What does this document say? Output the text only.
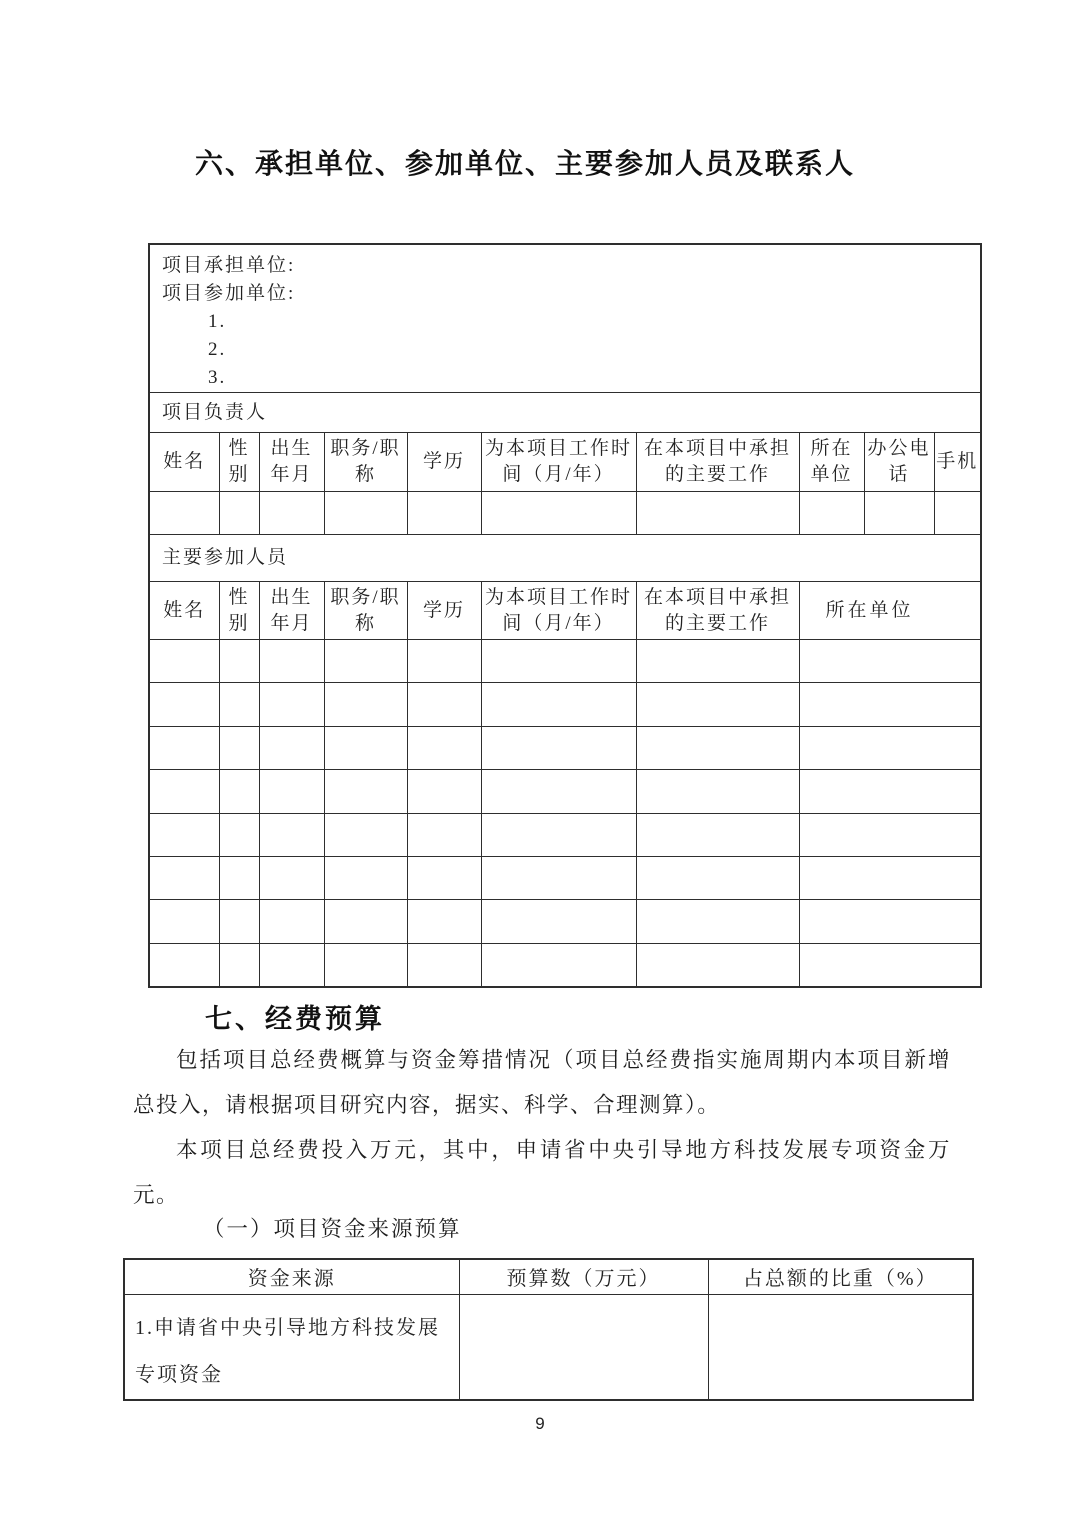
六、承担单位、参加单位、主要参加人员及联系人
项目承担单位:
项目参加单位:
1.
2.
3.									

项目负责人									
姓名	性别	出生年月	职务/职称	学历	为本项目工作时间（月/年）	在本项目中承担的主要工作	所在单位	办公电话	手机

主要参加人员									
姓名	性别	出生年月	职务/职称	学历	为本项目工作时间（月/年）	在本项目中承担的主要工作	所在单位		

七、经费预算

包括项目总经费概算与资金筹措情况（项目总经费指实施周期内本项目新增总投入，请根据项目研究内容，据实、科学、合理测算）。

本项目总经费投入万元，其中，申请省中央引导地方科技发展专项资金万元。

（一）项目资金来源预算
资金来源	预算数（万元）	占总额的比重（%）
1.申请省中央引导地方科技发展专项资金		
9
